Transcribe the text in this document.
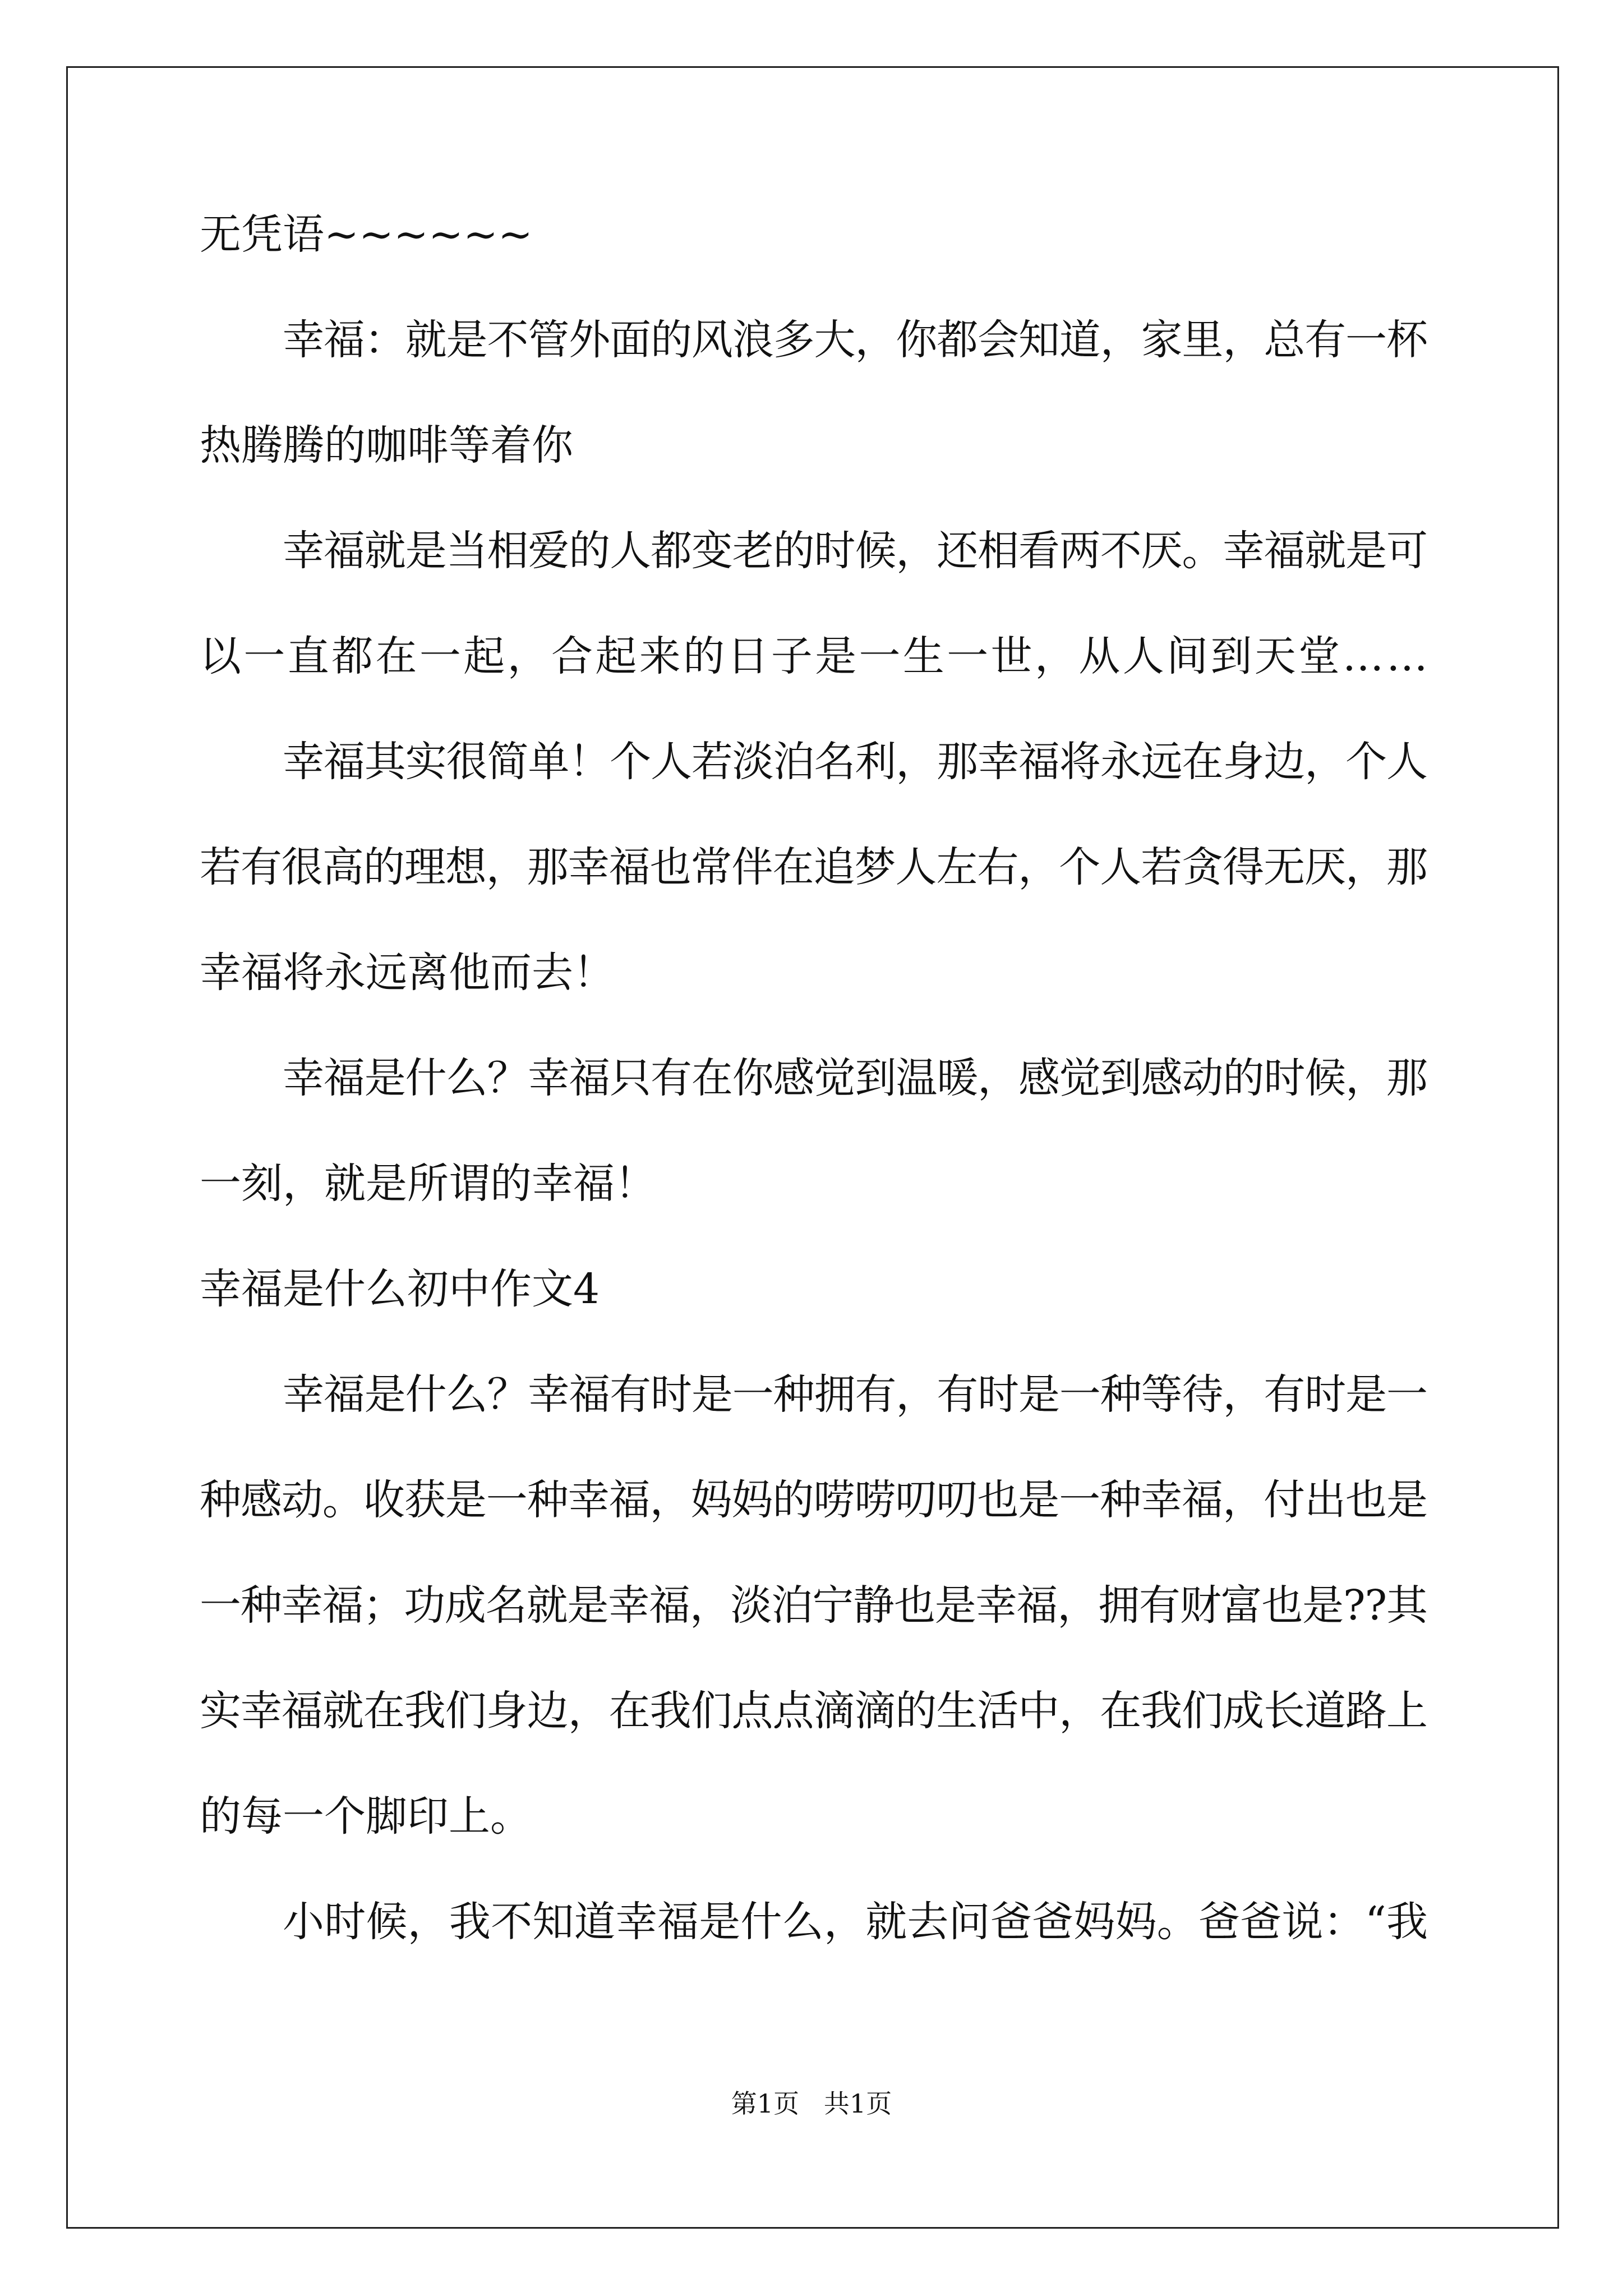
无凭语~~~~~~
幸福：就是不管外面的风浪多大，你都会知道，家里，总有一杯
热腾腾的咖啡等着你
幸福就是当相爱的人都变老的时候，还相看两不厌。幸福就是可
以一直都在一起，合起来的日子是一生一世，从人间到天堂……
幸福其实很简单！个人若淡泊名利，那幸福将永远在身边，个人
若有很高的理想，那幸福也常伴在追梦人左右，个人若贪得无厌，那
幸福将永远离他而去！
幸福是什么？幸福只有在你感觉到温暖，感觉到感动的时候，那
一刻，就是所谓的幸福！
幸福是什么初中作文4
幸福是什么？幸福有时是一种拥有，有时是一种等待，有时是一
种感动。收获是一种幸福，妈妈的唠唠叨叨也是一种幸福，付出也是
一种幸福；功成名就是幸福，淡泊宁静也是幸福，拥有财富也是??其
实幸福就在我们身边，在我们点点滴滴的生活中，在我们成长道路上
的每一个脚印上。
小时候，我不知道幸福是什么，就去问爸爸妈妈。爸爸说：“我
第1页   共1页
